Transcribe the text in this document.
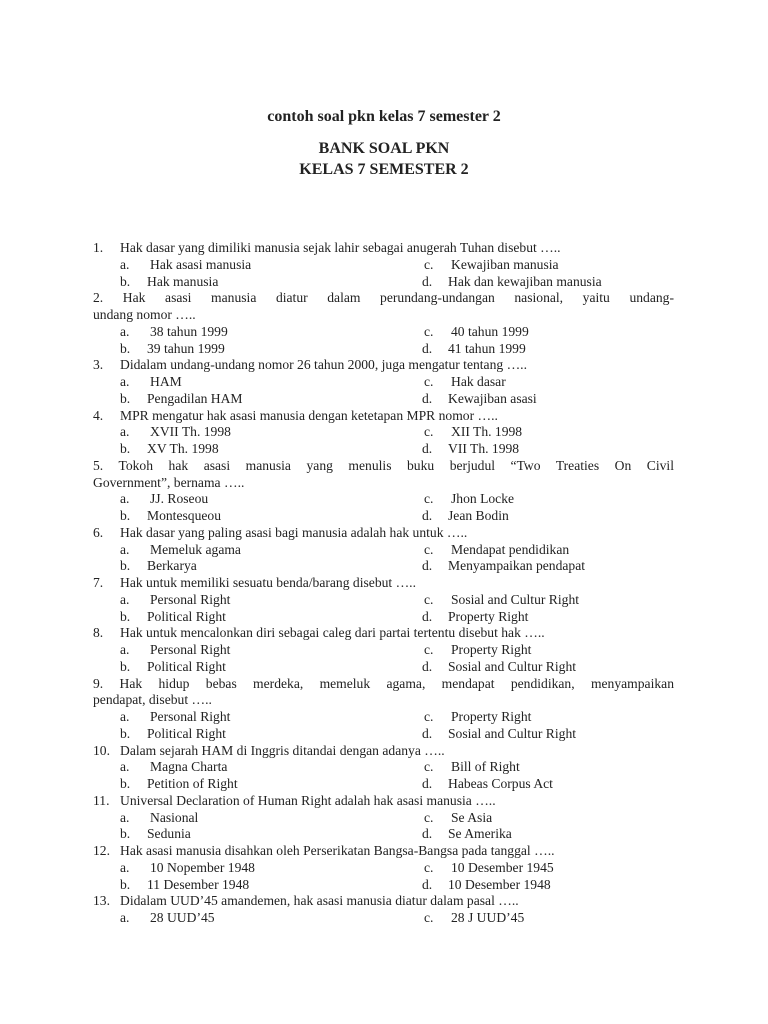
contoh soal pkn kelas 7 semester 2
BANK SOAL PKN
KELAS 7 SEMESTER 2
1. Hak dasar yang dimiliki manusia sejak lahir sebagai anugerah Tuhan disebut …..
a. Hak asasi manusia	c. Kewajiban manusia
b. Hak manusia	d. Hak dan kewajiban manusia
2. Hak asasi manusia diatur dalam perundang-undangan nasional, yaitu undang-
undang nomor …..
a. 38 tahun 1999	c. 40 tahun 1999
b. 39 tahun 1999	d. 41 tahun 1999
3. Didalam undang-undang nomor 26 tahun 2000, juga mengatur tentang …..
a. HAM	c. Hak dasar
b. Pengadilan HAM	d. Kewajiban asasi
4. MPR mengatur hak asasi manusia dengan ketetapan MPR nomor …..
a. XVII Th. 1998	c. XII Th. 1998
b. XV Th. 1998	d. VII Th. 1998
5. Tokoh hak asasi manusia yang menulis buku berjudul “Two Treaties On Civil
Government”, bernama …..
a. JJ. Roseou	c. Jhon Locke
b. Montesqueou	d. Jean Bodin
6. Hak dasar yang paling asasi bagi manusia adalah hak untuk …..
a. Memeluk agama	c. Mendapat pendidikan
b. Berkarya	d. Menyampaikan pendapat
7. Hak untuk memiliki sesuatu benda/barang disebut …..
a. Personal Right	c. Sosial and Cultur Right
b. Political Right	d. Property Right
8. Hak untuk mencalonkan diri sebagai caleg dari partai tertentu disebut hak …..
a. Personal Right	c. Property Right
b. Political Right	d. Sosial and Cultur Right
9. Hak hidup bebas merdeka, memeluk agama, mendapat pendidikan, menyampaikan
pendapat, disebut …..
a. Personal Right	c. Property Right
b. Political Right	d. Sosial and Cultur Right
10. Dalam sejarah HAM di Inggris ditandai dengan adanya …..
a. Magna Charta	c. Bill of Right
b. Petition of Right	d. Habeas Corpus Act
11. Universal Declaration of Human Right adalah hak asasi manusia …..
a. Nasional	c. Se Asia
b. Sedunia	d. Se Amerika
12. Hak asasi manusia disahkan oleh Perserikatan Bangsa-Bangsa pada tanggal …..
a. 10 Nopember 1948	c. 10 Desember 1945
b. 11 Desember 1948	d. 10 Desember 1948
13. Didalam UUD’45 amandemen, hak asasi manusia diatur dalam pasal …..
a. 28 UUD’45	c. 28 J UUD’45
